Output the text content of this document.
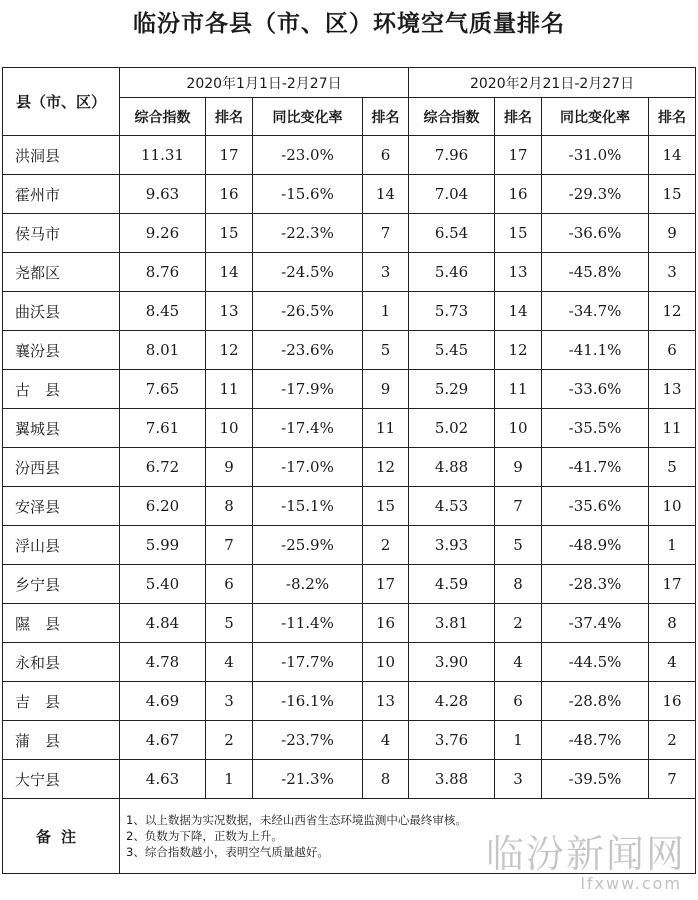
临汾市各县（市、区）环境空气质量排名
县（市、区）	2020年1月1日-2月27日				2020年2月21日-2月27日			
	综合指数	排名	同比变化率	排名	综合指数	排名	同比变化率	排名
洪洞县	11.31	17	-23.0%	6	7.96	17	-31.0%	14
霍州市	9.63	16	-15.6%	14	7.04	16	-29.3%	15
侯马市	9.26	15	-22.3%	7	6.54	15	-36.6%	9
尧都区	8.76	14	-24.5%	3	5.46	13	-45.8%	3
曲沃县	8.45	13	-26.5%	1	5.73	14	-34.7%	12
襄汾县	8.01	12	-23.6%	5	5.45	12	-41.1%	6
古　县	7.65	11	-17.9%	9	5.29	11	-33.6%	13
翼城县	7.61	10	-17.4%	11	5.02	10	-35.5%	11
汾西县	6.72	9	-17.0%	12	4.88	9	-41.7%	5
安泽县	6.20	8	-15.1%	15	4.53	7	-35.6%	10
浮山县	5.99	7	-25.9%	2	3.93	5	-48.9%	1
乡宁县	5.40	6	-8.2%	17	4.59	8	-28.3%	17
隰　县	4.84	5	-11.4%	16	3.81	2	-37.4%	8
永和县	4.78	4	-17.7%	10	3.90	4	-44.5%	4
吉　县	4.69	3	-16.1%	13	4.28	6	-28.8%	16
蒲　县	4.67	2	-23.7%	4	3.76	1	-48.7%	2
大宁县	4.63	1	-21.3%	8	3.88	3	-39.5%	7
备注	1、以上数据为实况数据，未经山西省生态环境监测中心最终审核。
2、负数为下降，正数为上升。
3、综合指数越小，表明空气质量越好。								临汾新闻网
lfxww.com
